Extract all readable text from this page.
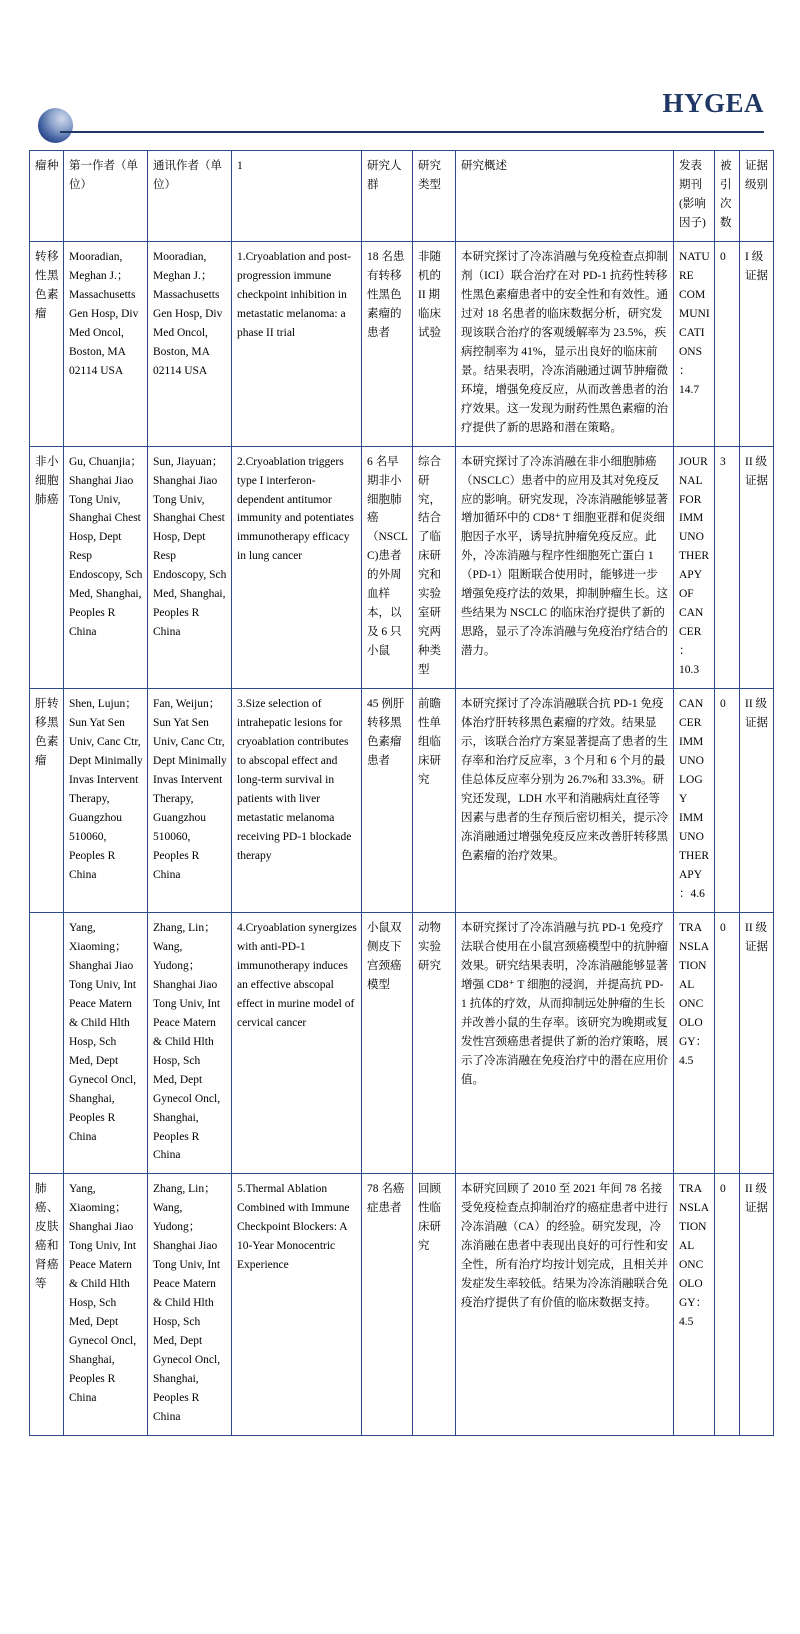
HYGEA
瘤种	第一作者（单位）	通讯作者（单位）	1	研究人群	研究类型	研究概述	发表期刊(影响因子)	被引次数	证据级别
转移性黑色素瘤	Mooradian, Meghan J.；Massachusetts Gen Hosp, Div Med Oncol, Boston, MA 02114 USA	Mooradian, Meghan J.；Massachusetts Gen Hosp, Div Med Oncol, Boston, MA 02114 USA	1.Cryoablation and post-progression immune checkpoint inhibition in metastatic melanoma: a phase II trial	18 名患有转移性黑色素瘤的患者	非随机的 II 期临床试验	本研究探讨了冷冻消融与免疫检查点抑制剂（ICI）联合治疗在对 PD-1 抗药性转移性黑色素瘤患者中的安全性和有效性。通过对 18 名患者的临床数据分析，研究发现该联合治疗的客观缓解率为 23.5%，疾病控制率为 41%，显示出良好的临床前景。结果表明，冷冻消融通过调节肿瘤微环境，增强免疫反应，从而改善患者的治疗效果。这一发现为耐药性黑色素瘤的治疗提供了新的思路和潜在策略。	NATURE COMMUNICATIONS：14.7	0	I 级证据
非小细胞肺癌	Gu, Chuanjia；Shanghai Jiao Tong Univ, Shanghai Chest Hosp, Dept Resp Endoscopy, Sch Med, Shanghai, Peoples R China	Sun, Jiayuan；Shanghai Jiao Tong Univ, Shanghai Chest Hosp, Dept Resp Endoscopy, Sch Med, Shanghai, Peoples R China	2.Cryoablation triggers type I interferon-dependent antitumor immunity and potentiates immunotherapy efficacy in lung cancer	6 名早期非小细胞肺癌（NSCLC)患者的外周血样本，以及 6 只小鼠	综合研究，结合了临床研究和实验室研究两种类型	本研究探讨了冷冻消融在非小细胞肺癌（NSCLC）患者中的应用及其对免疫反应的影响。研究发现，冷冻消融能够显著增加循环中的 CD8⁺ T 细胞亚群和促炎细胞因子水平，诱导抗肿瘤免疫反应。此外，冷冻消融与程序性细胞死亡蛋白 1（PD-1）阻断联合使用时，能够进一步增强免疫疗法的效果，抑制肿瘤生长。这些结果为 NSCLC 的临床治疗提供了新的思路，显示了冷冻消融与免疫治疗结合的潜力。	JOURNAL FOR IMMUNOTHERAPY OF CANCER：10.3	3	II 级证据
肝转移黑色素瘤	Shen, Lujun；Sun Yat Sen Univ, Canc Ctr, Dept Minimally Invas Intervent Therapy, Guangzhou 510060, Peoples R China	Fan, Weijun；Sun Yat Sen Univ, Canc Ctr, Dept Minimally Invas Intervent Therapy, Guangzhou 510060, Peoples R China	3.Size selection of intrahepatic lesions for cryoablation contributes to abscopal effect and long-term survival in patients with liver metastatic melanoma receiving PD-1 blockade therapy	45 例肝转移黑色素瘤患者	前瞻性单组临床研究	本研究探讨了冷冻消融联合抗 PD-1 免疫体治疗肝转移黑色素瘤的疗效。结果显示，该联合治疗方案显著提高了患者的生存率和治疗反应率，3 个月和 6 个月的最佳总体反应率分别为 26.7%和 33.3%。研究还发现，LDH 水平和消融病灶直径等因素与患者的生存预后密切相关，提示冷冻消融通过增强免疫反应来改善肝转移黑色素瘤的治疗效果。	CANCER IMMUNOLOGY IMMUNOTHERAPY：4.6	0	II 级证据
	Yang, Xiaoming；Shanghai Jiao Tong Univ, Int Peace Matern & Child Hlth Hosp, Sch Med, Dept Gynecol Oncl, Shanghai, Peoples R China	Zhang, Lin；Wang, Yudong；Shanghai Jiao Tong Univ, Int Peace Matern & Child Hlth Hosp, Sch Med, Dept Gynecol Oncl, Shanghai, Peoples R China	4.Cryoablation synergizes with anti-PD-1 immunotherapy induces an effective abscopal effect in murine model of cervical cancer	小鼠双侧皮下宫颈癌模型	动物实验研究	本研究探讨了冷冻消融与抗 PD-1 免疫疗法联合使用在小鼠宫颈癌模型中的抗肿瘤效果。研究结果表明，冷冻消融能够显著增强 CD8⁺ T 细胞的浸润，并提高抗 PD-1 抗体的疗效，从而抑制远处肿瘤的生长并改善小鼠的生存率。该研究为晚期或复发性宫颈癌患者提供了新的治疗策略，展示了冷冻消融在免疫治疗中的潜在应用价值。	TRANSLATIONAL ONCOLOGY：4.5	0	II 级证据
肺癌、皮肤癌和肾癌等	Yang, Xiaoming；Shanghai Jiao Tong Univ, Int Peace Matern & Child Hlth Hosp, Sch Med, Dept Gynecol Oncl, Shanghai, Peoples R China	Zhang, Lin；Wang, Yudong；Shanghai Jiao Tong Univ, Int Peace Matern & Child Hlth Hosp, Sch Med, Dept Gynecol Oncl, Shanghai, Peoples R China	5.Thermal Ablation Combined with Immune Checkpoint Blockers: A 10-Year Monocentric Experience	78 名癌症患者	回顾性临床研究	本研究回顾了 2010 至 2021 年间 78 名接受免疫检查点抑制治疗的癌症患者中进行冷冻消融（CA）的经验。研究发现，冷冻消融在患者中表现出良好的可行性和安全性，所有治疗均按计划完成，且相关并发症发生率较低。结果为冷冻消融联合免疫治疗提供了有价值的临床数据支持。	TRANSLATIONAL ONCOLOGY：4.5	0	II 级证据
